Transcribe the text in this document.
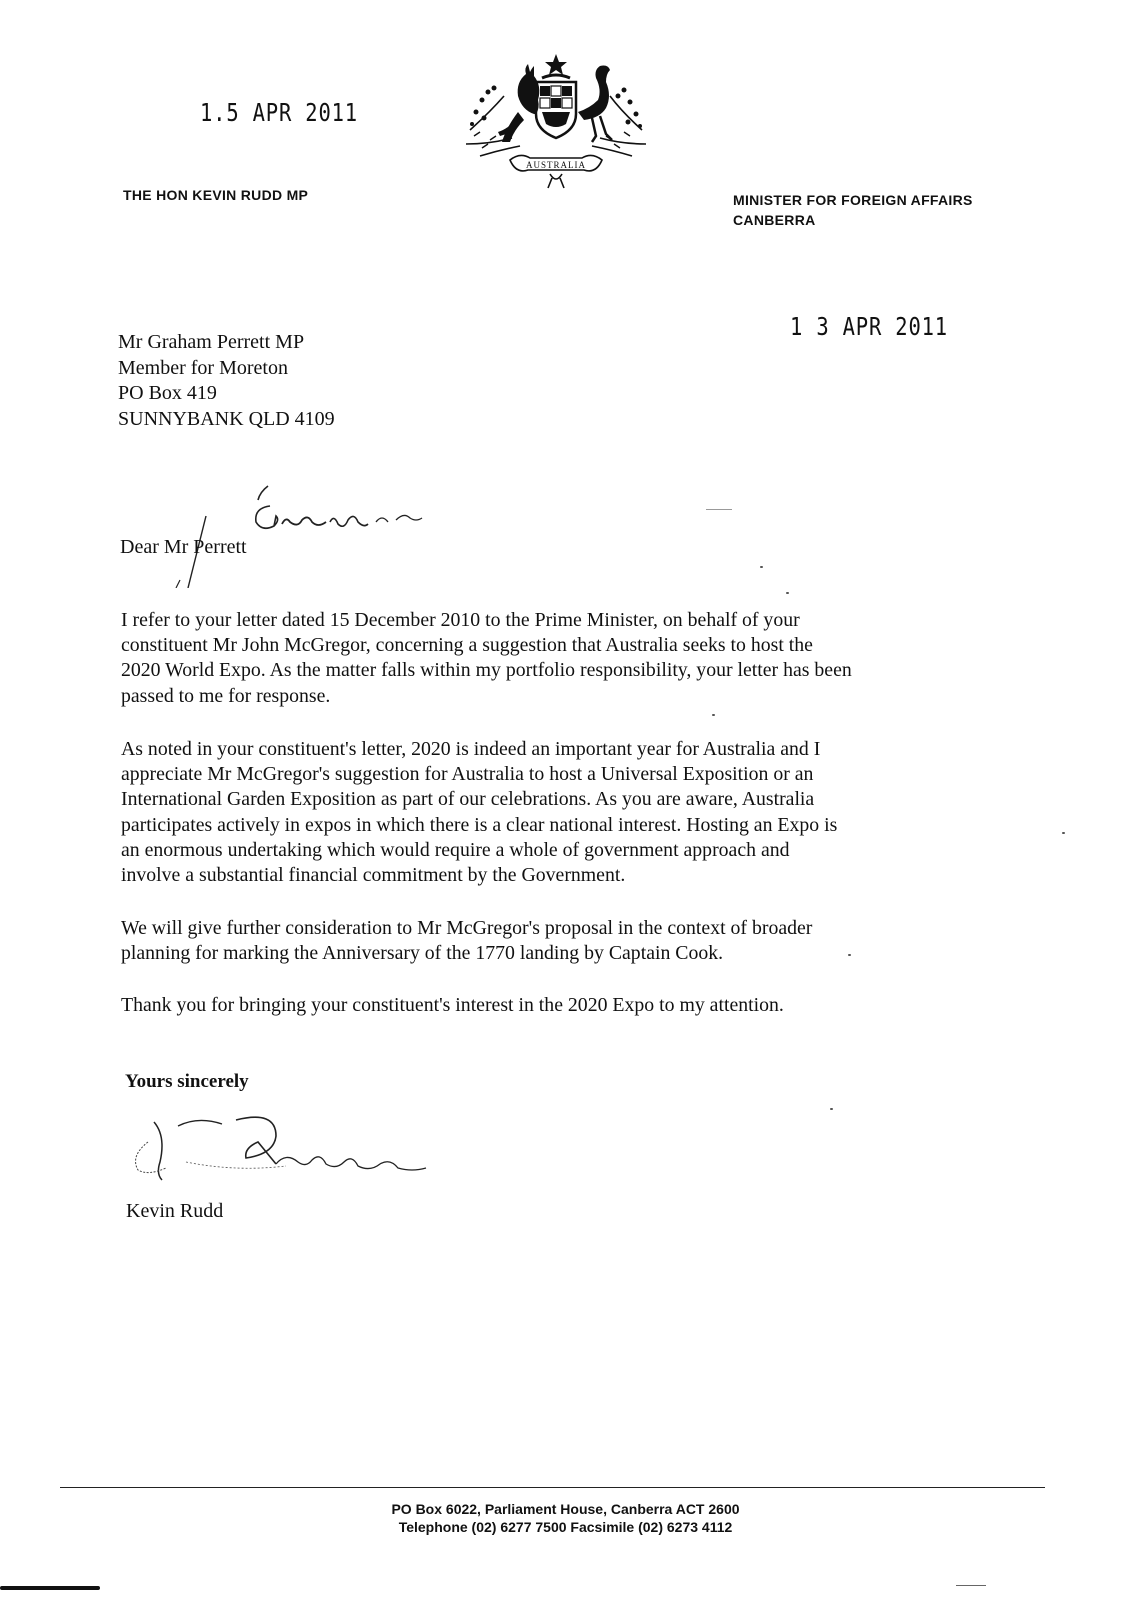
1.5 APR 2011
1 3 APR 2011
THE HON KEVIN RUDD MP	MINISTER FOR FOREIGN AFFAIRS
CANBERRA
AUSTRALIA
Mr Graham Perrett MP
Member for Moreton
PO Box 419
SUNNYBANK QLD 4109
Dear Mr Perrett
I refer to your letter dated 15 December 2010 to the Prime Minister, on behalf of your
constituent Mr John McGregor, concerning a suggestion that Australia seeks to host the
2020 World Expo. As the matter falls within my portfolio responsibility, your letter has been
passed to me for response.
As noted in your constituent's letter, 2020 is indeed an important year for Australia and I
appreciate Mr McGregor's suggestion for Australia to host a Universal Exposition or an
International Garden Exposition as part of our celebrations. As you are aware, Australia
participates actively in expos in which there is a clear national interest. Hosting an Expo is
an enormous undertaking which would require a whole of government approach and
involve a substantial financial commitment by the Government.
We will give further consideration to Mr McGregor's proposal in the context of broader
planning for marking the Anniversary of the 1770 landing by Captain Cook.
Thank you for bringing your constituent's interest in the 2020 Expo to my attention.
Yours sincerely
Kevin Rudd
PO Box 6022, Parliament House, Canberra ACT 2600
Telephone (02) 6277 7500 Facsimile (02) 6273 4112
